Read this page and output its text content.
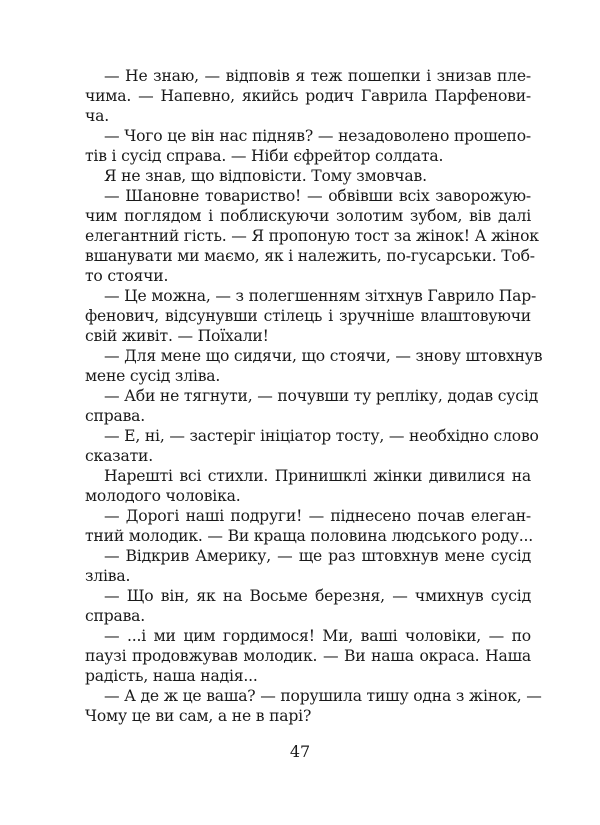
— Не знаю, — відповів я теж пошепки і знизав пле-
чима. — Напевно, якийсь родич Гаврила Парфенови-
ча.
— Чого це він нас підняв? — незадоволено прошепо-
тів і сусід справа. — Ніби єфрейтор солдата.
Я не знав, що відповісти. Тому змовчав.
— Шановне товариство! — обвівши всіх заворожую-
чим поглядом і поблискуючи золотим зубом, вів далі
елегантний гість. — Я пропоную тост за жінок! А жінок
вшанувати ми маємо, як і належить, по-гусарськи. Тоб-
то стоячи.
— Це можна, — з полегшенням зітхнув Гаврило Пар-
фенович, відсунувши стілець і зручніше влаштовуючи
свій живіт. — Поїхали!
— Для мене що сидячи, що стоячи, — знову штовхнув
мене сусід зліва.
— Аби не тягнути, — почувши ту репліку, додав сусід
справа.
— Е, ні, — застеріг ініціатор тосту, — необхідно слово
сказати.
Нарешті всі стихли. Принишклі жінки дивилися на
молодого чоловіка.
— Дорогі наші подруги! — піднесено почав елеган-
тний молодик. — Ви краща половина людського роду...
— Відкрив Америку, — ще раз штовхнув мене сусід
зліва.
— Що він, як на Восьме березня, — чмихнув сусід
справа.
— ...і ми цим гордимося! Ми, ваші чоловіки, — по
паузі продовжував молодик. — Ви наша окраса. Наша
радість, наша надія...
— А де ж це ваша? — порушила тишу одна з жінок, —
Чому це ви сам, а не в парі?
47
